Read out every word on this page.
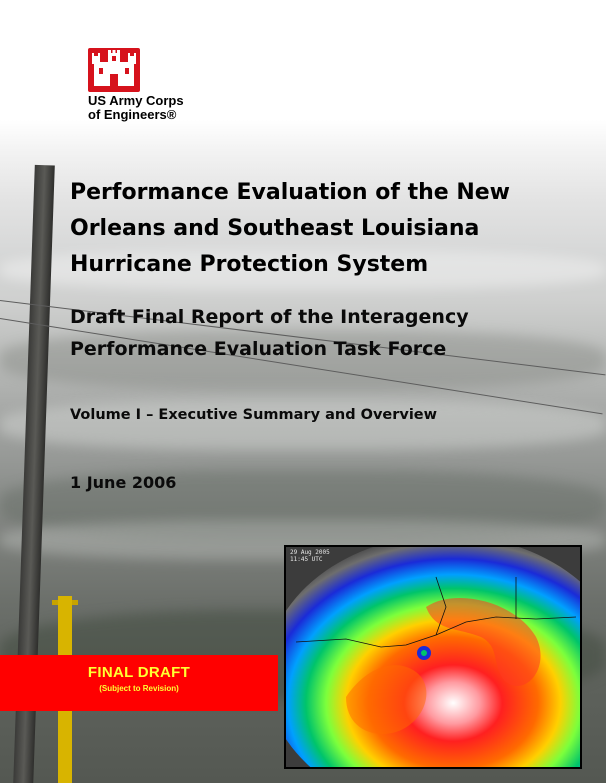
US Army Corps
of Engineers®
Performance Evaluation of the New
Orleans and Southeast Louisiana
Hurricane Protection System
Draft Final Report of the Interagency
Performance Evaluation Task Force
Volume I – Executive Summary and Overview
1 June 2006
FINAL DRAFT
(Subject to Revision)
29 Aug 2005
11:45 UTC
